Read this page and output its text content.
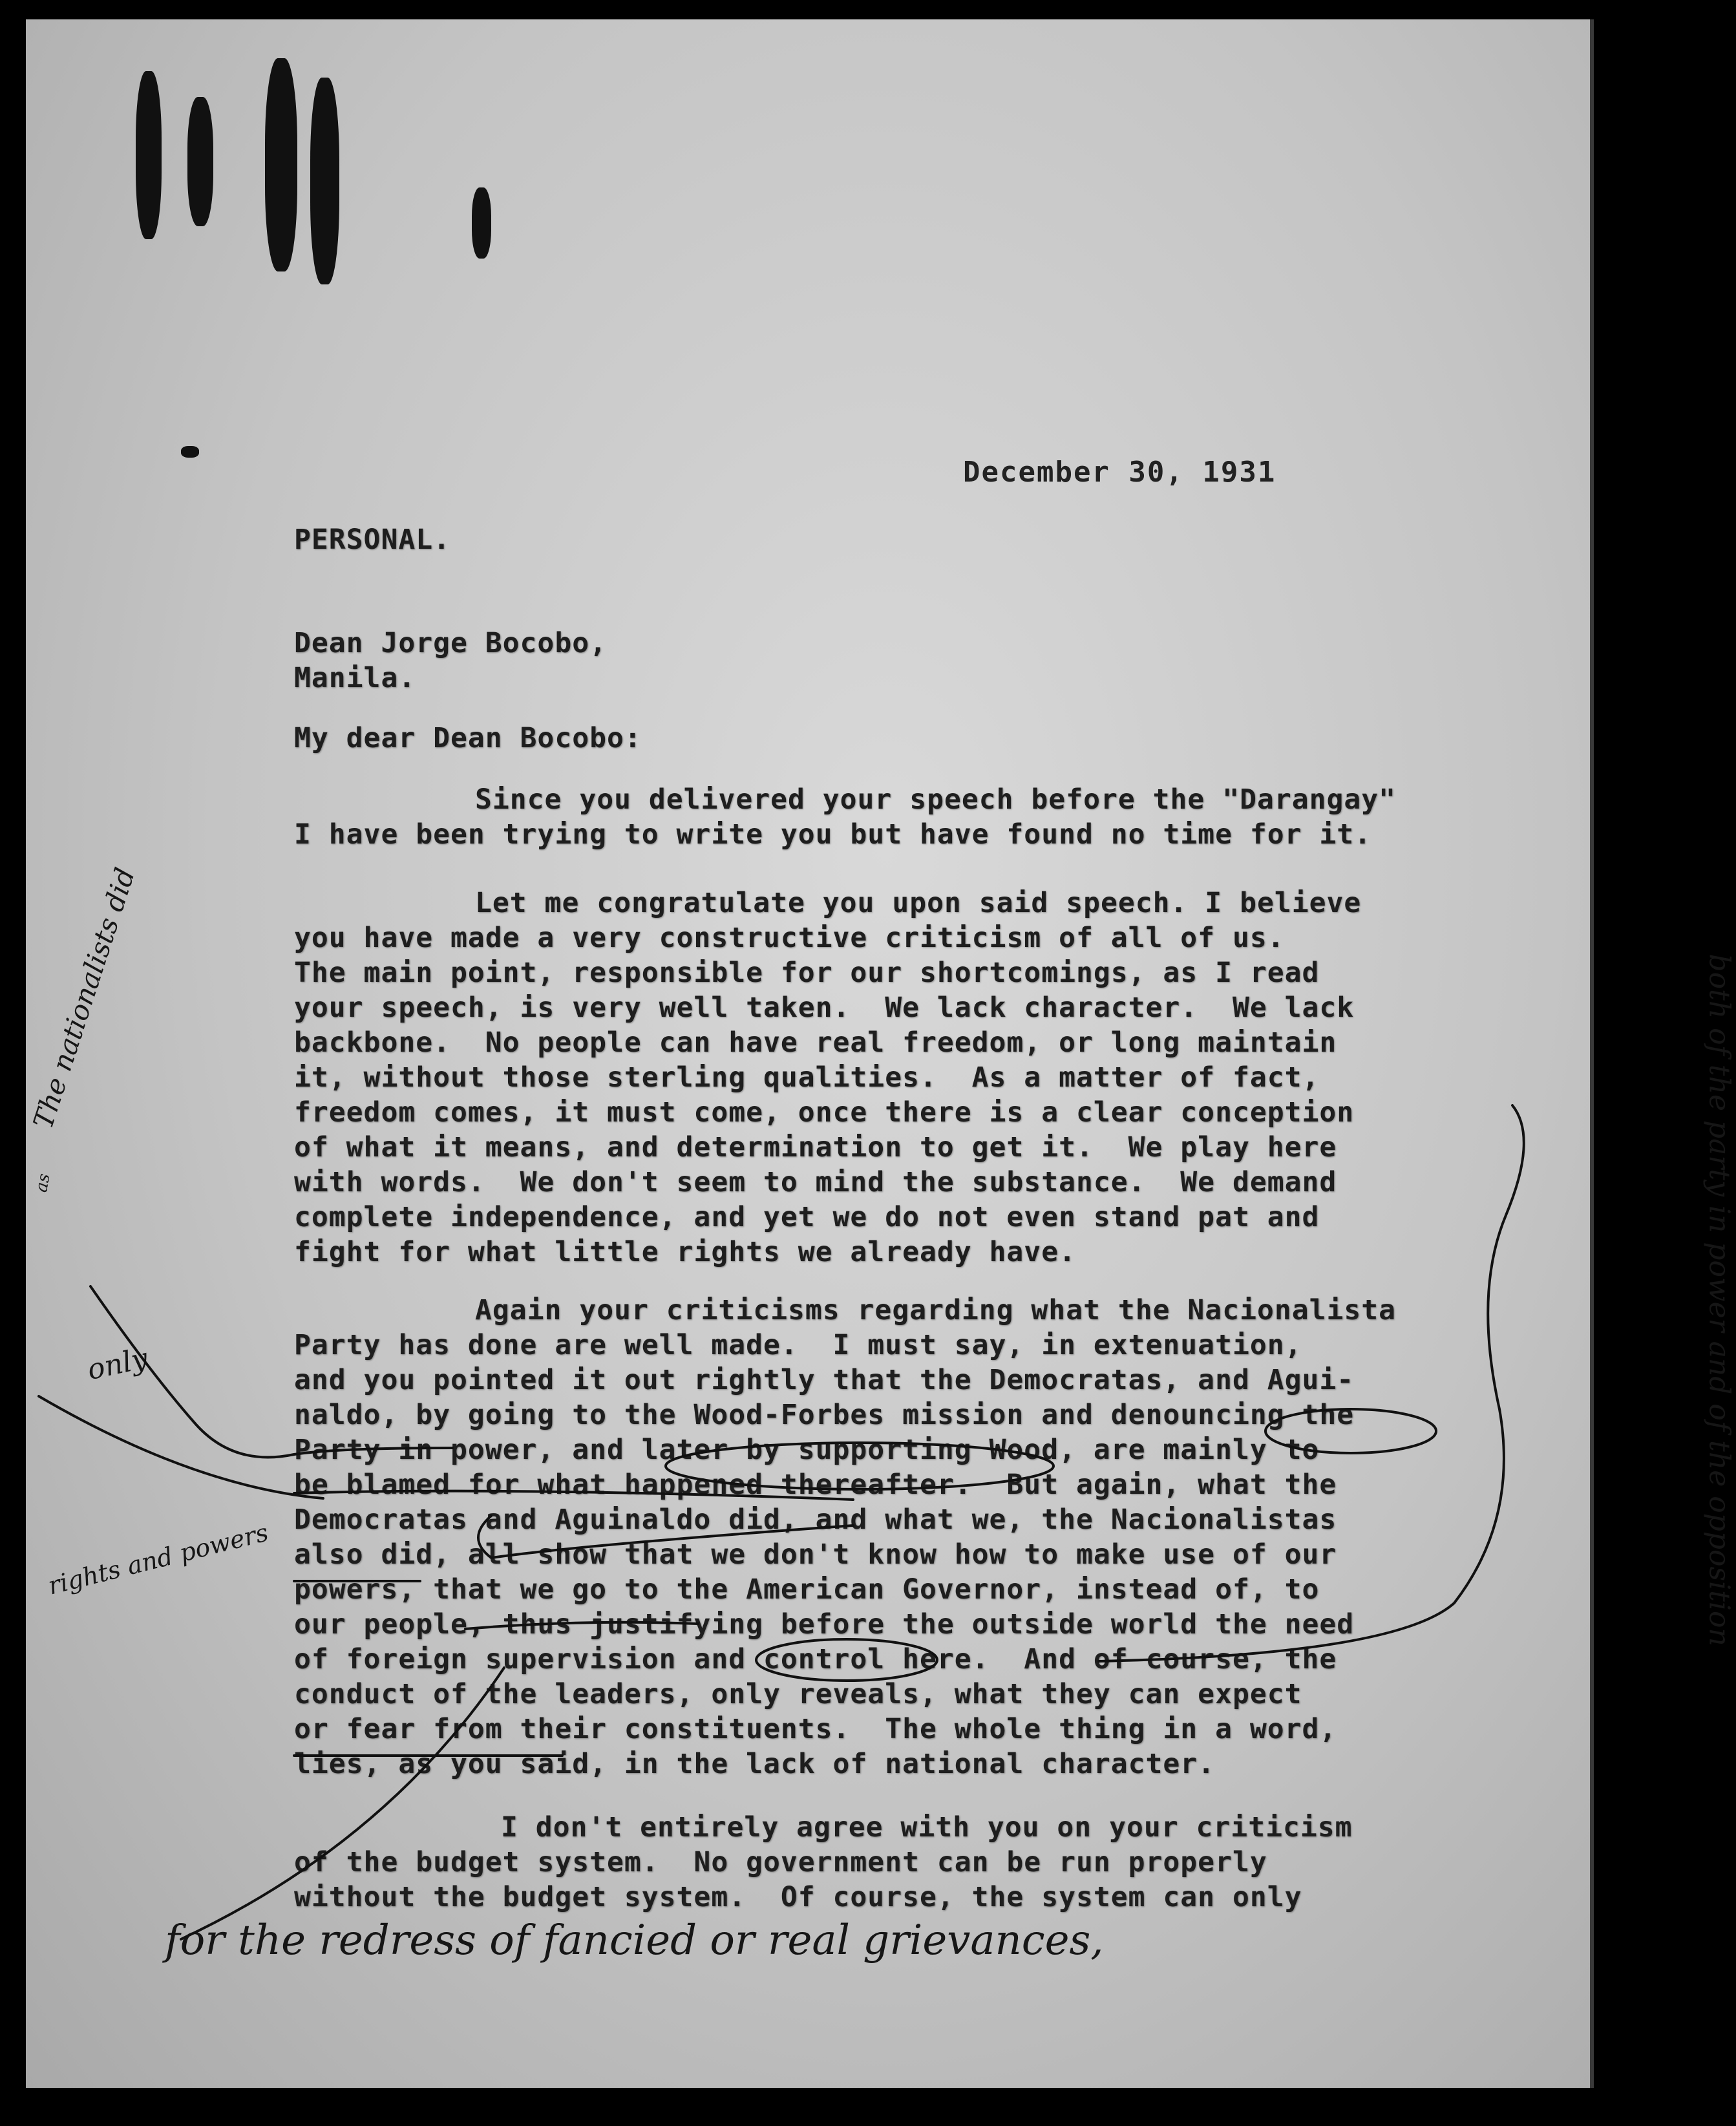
December 30, 1931
PERSONAL.
Dean Jorge Bocobo,
Manila.
My dear Dean Bocobo:
Since you delivered your speech before the "Darangay"
I have been trying to write you but have found no time for it.
Let me congratulate you upon said speech. I believe
you have made a very constructive criticism of all of us.
The main point, responsible for our shortcomings, as I read
your speech, is very well taken.  We lack character.  We lack
backbone.  No people can have real freedom, or long maintain
it, without those sterling qualities.  As a matter of fact,
freedom comes, it must come, once there is a clear conception
of what it means, and determination to get it.  We play here
with words.  We don't seem to mind the substance.  We demand
complete independence, and yet we do not even stand pat and
fight for what little rights we already have.
Again your criticisms regarding what the Nacionalista
Party has done are well made.  I must say, in extenuation,
and you pointed it out rightly that the Democratas, and Agui-
naldo, by going to the Wood-Forbes mission and denouncing the
Party in power, and later by supporting Wood, are mainly to
be blamed for what happened thereafter.  But again, what the
Democratas and Aguinaldo did, and what we, the Nacionalistas
also did, all show that we don't know how to make use of our
powers, that we go to the American Governor, instead of, to
our people, thus justifying before the outside world the need
of foreign supervision and control here.  And of course, the
conduct of the leaders, only reveals, what they can expect
or fear from their constituents.  The whole thing in a word,
lies, as you said, in the lack of national character.
I don't entirely agree with you on your criticism
of the budget system.  No government can be run properly
without the budget system.  Of course, the system can only
The nationalists did
as
only
rights and powers	both of the party in power and of the opposition
for the redress of fancied or real grievances,
